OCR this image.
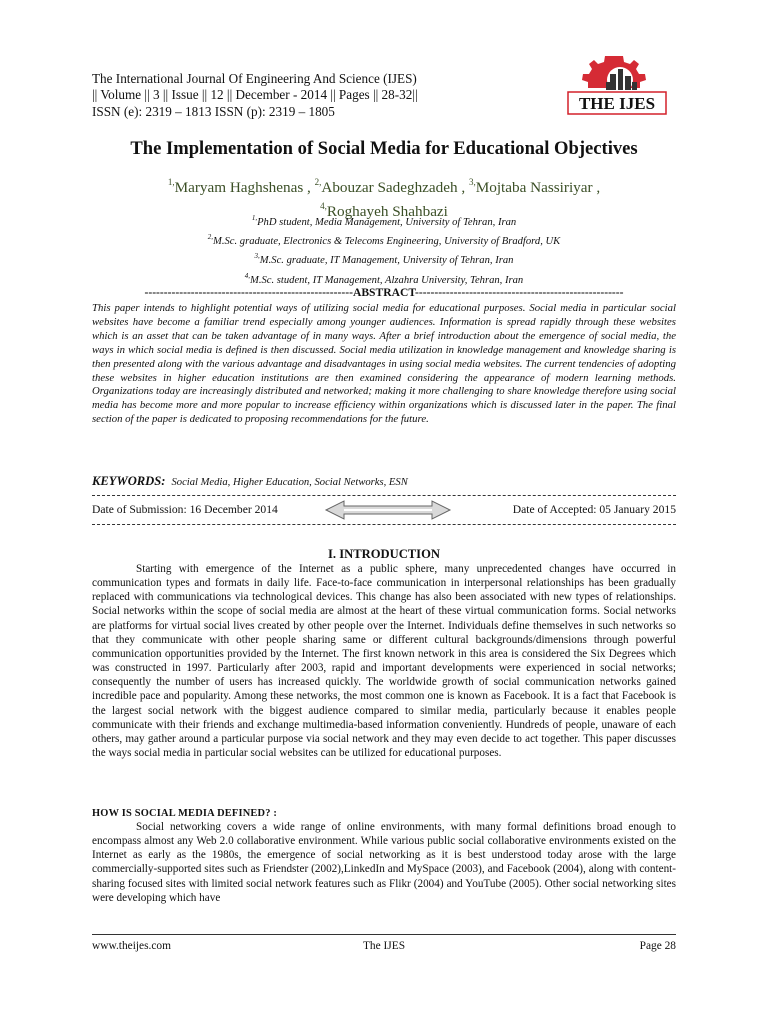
The International Journal Of Engineering And Science (IJES)
|| Volume || 3 || Issue || 12 || December - 2014 || Pages || 28-32||
ISSN (e): 2319 – 1813 ISSN (p): 2319 – 1805	THE IJES
The Implementation of Social Media for Educational Objectives
$^{1,}$Maryam Haghshenas , $^{2,}$Abouzar Sadeghzadeh , $^{3,}$Mojtaba Nassiriyar ,
$^{4,}$Roghayeh Shahbazi
$^{1,}$PhD student, Media Management, University of Tehran, Iran
$^{2,}$M.Sc. graduate, Electronics & Telecoms Engineering, University of Bradford, UK
$^{3,}$M.Sc. graduate, IT Management, University of Tehran, Iran
$^{4,}$M.Sc. student, IT Management, Alzahra University, Tehran, Iran
------------------------------------------------------ABSTRACT------------------------------------------------------
This paper intends to highlight potential ways of utilizing social media for educational purposes. Social media in particular social websites have become a familiar trend especially among younger audiences. Information is spread rapidly through these websites which is an asset that can be taken advantage of in many ways. After a brief introduction about the emergence of social media, the ways in which social media is defined is then discussed. Social media utilization in knowledge management and knowledge sharing is then presented along with the various advantage and disadvantages in using social media websites. The current tendencies of adopting these websites in higher education institutions are then examined considering the appearance of modern learning methods. Organizations today are increasingly distributed and networked; making it more challenging to share knowledge therefore using social media has become more and more popular to increase efficiency within organizations which is discussed later in the paper. The final section of the paper is dedicated to proposing recommendations for the future.
KEYWORDS: Social Media, Higher Education, Social Networks, ESN
Date of Submission: 16 December 2014	Date of Accepted: 05 January 2015
I. INTRODUCTION

Starting with emergence of the Internet as a public sphere, many unprecedented changes have occurred in communication types and formats in daily life. Face-to-face communication in interpersonal relationships has been gradually replaced with communications via technological devices. This change has also been associated with new types of relationships. Social networks within the scope of social media are almost at the heart of these virtual communication forms. Social networks are platforms for virtual social lives created by other people over the Internet. Individuals define themselves in such networks so that they communicate with other people sharing same or different cultural backgrounds/dimensions through powerful communication opportunities provided by the Internet. The first known network in this area is considered the Six Degrees which was constructed in 1997. Particularly after 2003, rapid and important developments were experienced in social networks; consequently the number of users has increased quickly. The worldwide growth of social communication networks gained incredible pace and popularity. Among these networks, the most common one is known as Facebook. It is a fact that Facebook is the largest social network with the biggest audience compared to similar media, particularly because it enables people communicate with their friends and exchange multimedia-based information conveniently. Hundreds of people, unaware of each others, may gather around a particular purpose via social network and they may even decide to act together. This paper discusses the ways social media in particular social websites can be utilized for educational purposes.

HOW IS SOCIAL MEDIA DEFINED? :

Social networking covers a wide range of online environments, with many formal definitions broad enough to encompass almost any Web 2.0 collaborative environment. While various public social collaborative environments existed on the Internet as early as the 1980s, the emergence of social networking as it is best understood today arose with the large commercially-supported sites such as Friendster (2002),LinkedIn and MySpace (2003), and Facebook (2004), along with content-sharing focused sites with limited social network features such as Flikr (2004) and YouTube (2005). Other social networking sites were developing which have

www.theijes.com	The IJES	Page 28
